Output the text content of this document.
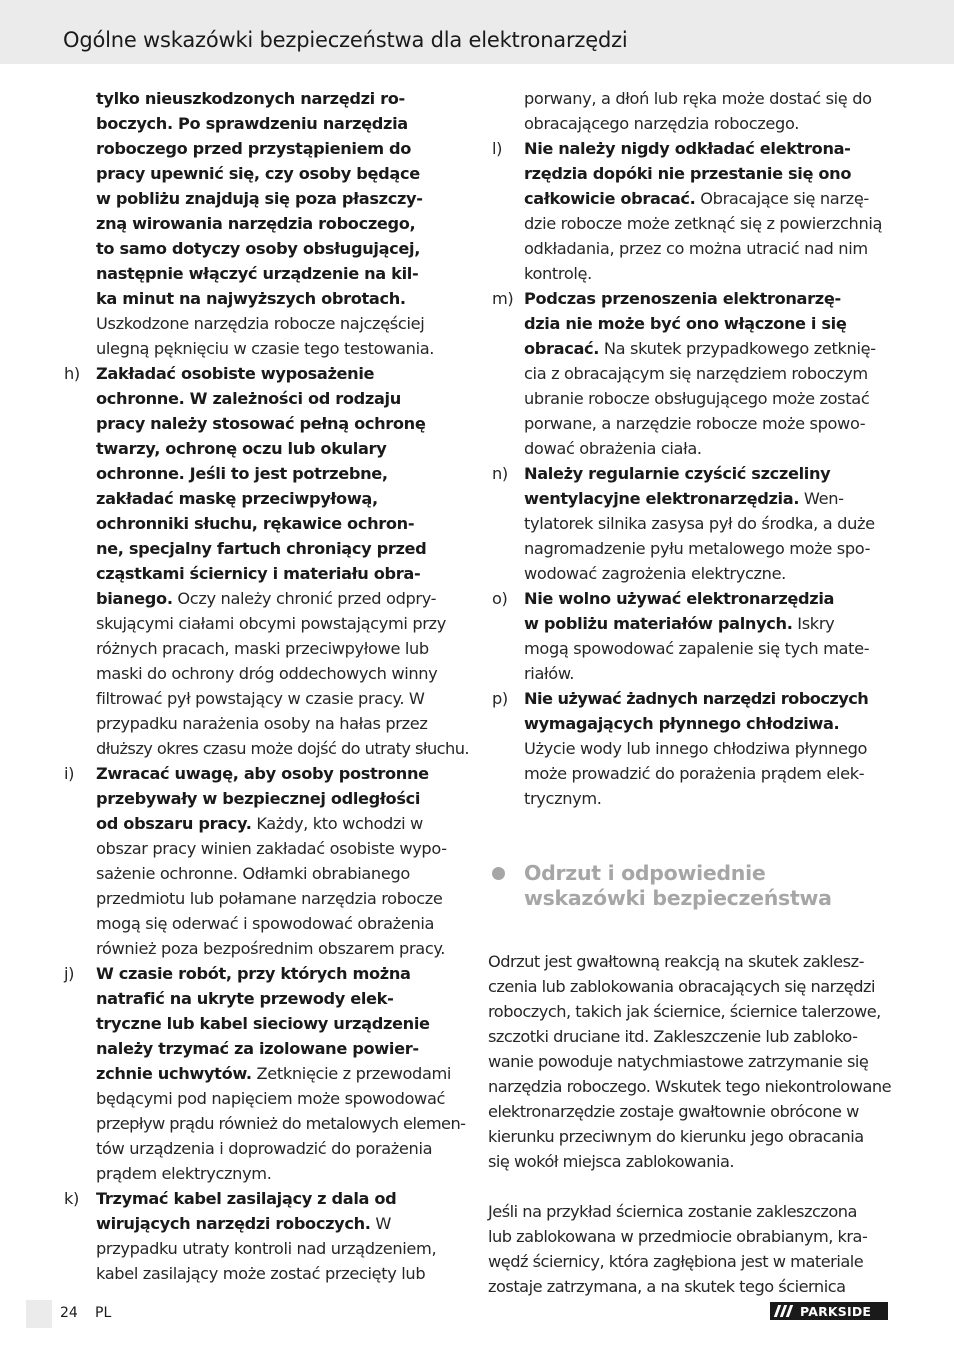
Ogólne wskazówki bezpieczeństwa dla elektronarzędzi
tylko nieuszkodzonych narzędzi ro-
boczych. Po sprawdzeniu narzędzia
roboczego przed przystąpieniem do
pracy upewnić się, czy osoby będące
w pobliżu znajdują się poza płaszczy-
zną wirowania narzędzia roboczego,
to samo dotyczy osoby obsługującej,
następnie włączyć urządzenie na kil-
ka minut na najwyższych obrotach.
Uszkodzone narzędzia robocze najczęściej
ulegną pęknięciu w czasie tego testowania.
h) Zakładać osobiste wyposażenie
ochronne. W zależności od rodzaju
pracy należy stosować pełną ochronę
twarzy, ochronę oczu lub okulary
ochronne. Jeśli to jest potrzebne,
zakładać maskę przeciwpyłową,
ochronniki słuchu, rękawice ochron-
ne, specjalny fartuch chroniący przed
cząstkami ściernicy i materiału obra-
bianego. Oczy należy chronić przed odpry-
skującymi ciałami obcymi powstającymi przy
różnych pracach, maski przeciwpyłowe lub
maski do ochrony dróg oddechowych winny
filtrować pył powstający w czasie pracy. W
przypadku narażenia osoby na hałas przez
dłuższy okres czasu może dojść do utraty słuchu.
i) Zwracać uwagę, aby osoby postronne
przebywały w bezpiecznej odległości
od obszaru pracy. Każdy, kto wchodzi w
obszar pracy winien zakładać osobiste wypo-
sażenie ochronne. Odłamki obrabianego
przedmiotu lub połamane narzędzia robocze
mogą się oderwać i spowodować obrażenia
również poza bezpośrednim obszarem pracy.
j) W czasie robót, przy których można
natrafić na ukryte przewody elek-
tryczne lub kabel sieciowy urządzenie
należy trzymać za izolowane powier-
zchnie uchwytów. Zetknięcie z przewodami
będącymi pod napięciem może spowodować
przepływ prądu również do metalowych elemen-
tów urządzenia i doprowadzić do porażenia
prądem elektrycznym.
k) Trzymać kabel zasilający z dala od
wirujących narzędzi roboczych. W
przypadku utraty kontroli nad urządzeniem,
kabel zasilający może zostać przecięty lub
porwany, a dłoń lub ręka może dostać się do
obracającego narzędzia roboczego.
l) Nie należy nigdy odkładać elektrona-
rzędzia dopóki nie przestanie się ono
całkowicie obracać. Obracające się narzę-
dzie robocze może zetknąć się z powierzchnią
odkładania, przez co można utracić nad nim
kontrolę.
m) Podczas przenoszenia elektronarzę-
dzia nie może być ono włączone i się
obracać. Na skutek przypadkowego zetknię-
cia z obracającym się narzędziem roboczym
ubranie robocze obsługującego może zostać
porwane, a narzędzie robocze może spowo-
dować obrażenia ciała.
n) Należy regularnie czyścić szczeliny
wentylacyjne elektronarzędzia. Wen-
tylatorek silnika zasysa pył do środka, a duże
nagromadzenie pyłu metalowego może spo-
wodować zagrożenia elektryczne.
o) Nie wolno używać elektronarzędzia
w pobliżu materiałów palnych. Iskry
mogą spowodować zapalenie się tych mate-
riałów.
p) Nie używać żadnych narzędzi roboczych
wymagających płynnego chłodziwa.
Użycie wody lub innego chłodziwa płynnego
może prowadzić do porażenia prądem elek-
trycznym.
Odrzut i odpowiednie
wskazówki bezpieczeństwa
Odrzut jest gwałtowną reakcją na skutek zaklesz-
czenia lub zablokowania obracających się narzędzi
roboczych, takich jak ściernice, ściernice talerzowe,
szczotki druciane itd. Zakleszczenie lub zabloko-
wanie powoduje natychmiastowe zatrzymanie się
narzędzia roboczego. Wskutek tego niekontrolowane
elektronarzędzie zostaje gwałtownie obrócone w
kierunku przeciwnym do kierunku jego obracania
się wokół miejsca zablokowania.
Jeśli na przykład ściernica zostanie zakleszczona
lub zablokowana w przedmiocie obrabianym, kra-
wędź ściernicy, która zagłębiona jest w materiale
zostaje zatrzymana, a na skutek tego ściernica
24 PL	PARKSIDE
